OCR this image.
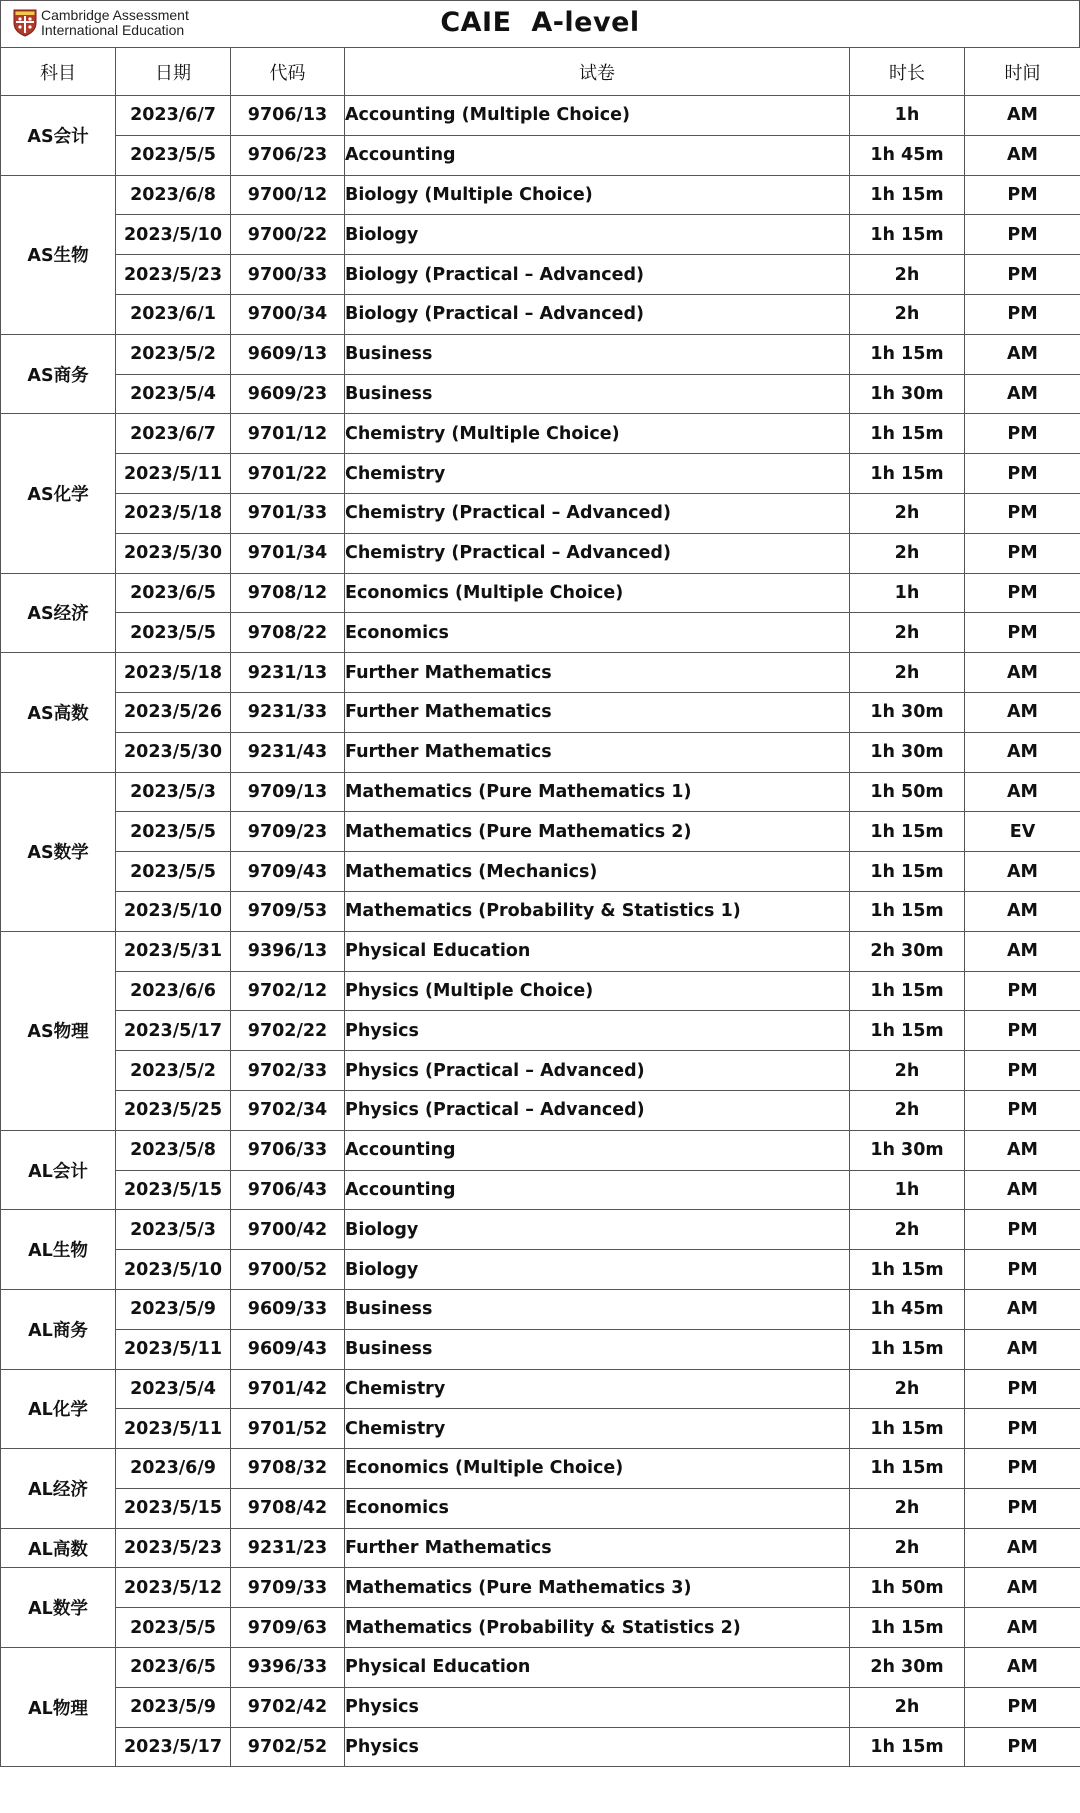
Cambridge Assessment
International Education	CAIE  A-level
科目	日期	代码	试卷	时长	时间
AS会计	2023/6/7	9706/13	Accounting (Multiple Choice)	1h	AM
	2023/5/5	9706/23	Accounting	1h 45m	AM
AS生物	2023/6/8	9700/12	Biology (Multiple Choice)	1h 15m	PM
	2023/5/10	9700/22	Biology	1h 15m	PM
	2023/5/23	9700/33	Biology (Practical – Advanced)	2h	PM
	2023/6/1	9700/34	Biology (Practical – Advanced)	2h	PM
AS商务	2023/5/2	9609/13	Business	1h 15m	AM
	2023/5/4	9609/23	Business	1h 30m	AM
AS化学	2023/6/7	9701/12	Chemistry (Multiple Choice)	1h 15m	PM
	2023/5/11	9701/22	Chemistry	1h 15m	PM
	2023/5/18	9701/33	Chemistry (Practical – Advanced)	2h	PM
	2023/5/30	9701/34	Chemistry (Practical – Advanced)	2h	PM
AS经济	2023/6/5	9708/12	Economics (Multiple Choice)	1h	PM
	2023/5/5	9708/22	Economics	2h	PM
AS高数	2023/5/18	9231/13	Further Mathematics	2h	AM
	2023/5/26	9231/33	Further Mathematics	1h 30m	AM
	2023/5/30	9231/43	Further Mathematics	1h 30m	AM
AS数学	2023/5/3	9709/13	Mathematics (Pure Mathematics 1)	1h 50m	AM
	2023/5/5	9709/23	Mathematics (Pure Mathematics 2)	1h 15m	EV
	2023/5/5	9709/43	Mathematics (Mechanics)	1h 15m	AM
	2023/5/10	9709/53	Mathematics (Probability & Statistics 1)	1h 15m	AM
AS物理	2023/5/31	9396/13	Physical Education	2h 30m	AM
	2023/6/6	9702/12	Physics (Multiple Choice)	1h 15m	PM
	2023/5/17	9702/22	Physics	1h 15m	PM
	2023/5/2	9702/33	Physics (Practical – Advanced)	2h	PM
	2023/5/25	9702/34	Physics (Practical – Advanced)	2h	PM
AL会计	2023/5/8	9706/33	Accounting	1h 30m	AM
	2023/5/15	9706/43	Accounting	1h	AM
AL生物	2023/5/3	9700/42	Biology	2h	PM
	2023/5/10	9700/52	Biology	1h 15m	PM
AL商务	2023/5/9	9609/33	Business	1h 45m	AM
	2023/5/11	9609/43	Business	1h 15m	AM
AL化学	2023/5/4	9701/42	Chemistry	2h	PM
	2023/5/11	9701/52	Chemistry	1h 15m	PM
AL经济	2023/6/9	9708/32	Economics (Multiple Choice)	1h 15m	PM
	2023/5/15	9708/42	Economics	2h	PM
AL高数	2023/5/23	9231/23	Further Mathematics	2h	AM
AL数学	2023/5/12	9709/33	Mathematics (Pure Mathematics 3)	1h 50m	AM
	2023/5/5	9709/63	Mathematics (Probability & Statistics 2)	1h 15m	AM
AL物理	2023/6/5	9396/33	Physical Education	2h 30m	AM
	2023/5/9	9702/42	Physics	2h	PM
	2023/5/17	9702/52	Physics	1h 15m	PM
